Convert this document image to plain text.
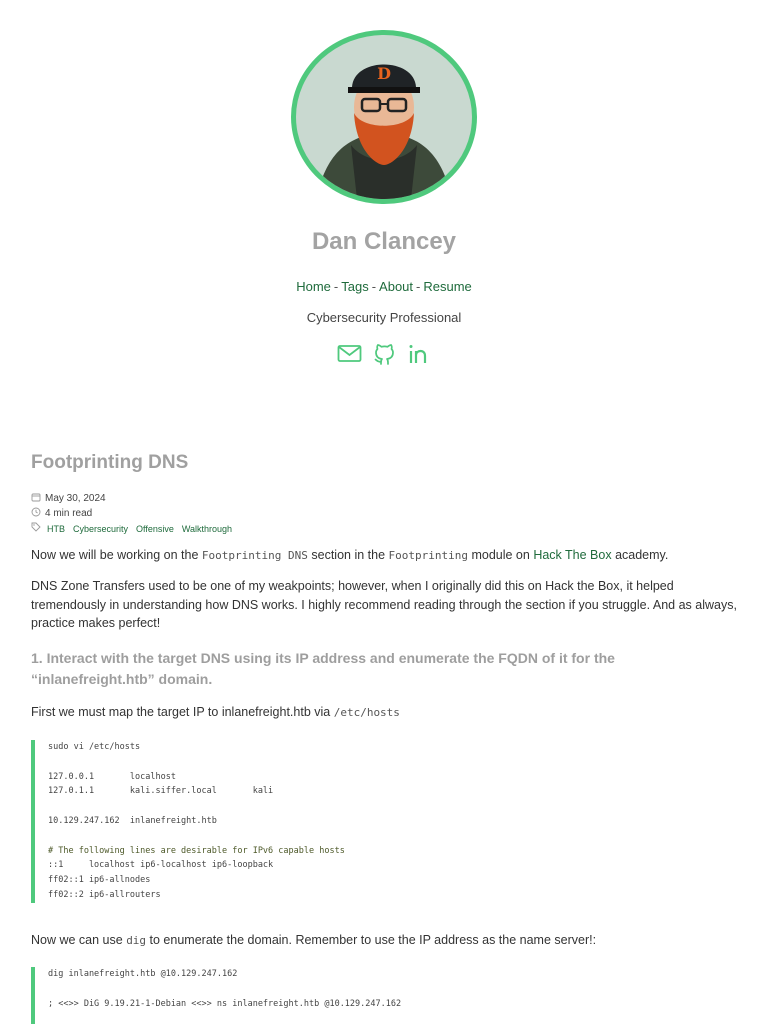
D
Dan Clancey
Home - Tags - About - Resume
Cybersecurity Professional
Footprinting DNS
May 30, 2024
4 min read
HTB Cybersecurity Offensive Walkthrough

Now we will be working on the Footprinting DNS section in the Footprinting module on Hack The Box academy.

DNS Zone Transfers used to be one of my weakpoints; however, when I originally did this on Hack the Box, it helped tremendously in understanding how DNS works. I highly recommend reading through the section if you struggle. And as always, practice makes perfect!

1. Interact with the target DNS using its IP address and enumerate the FQDN of it for the “inlanefreight.htb” domain.

First we must map the target IP to inlanefreight.htb via /etc/hosts

sudo vi /etc/hosts
127.0.0.1       localhost
127.0.1.1       kali.siffer.local       kali
10.129.247.162  inlanefreight.htb
# The following lines are desirable for IPv6 capable hosts
::1     localhost ip6-localhost ip6-loopback
ff02::1 ip6-allnodes
ff02::2 ip6-allrouters

Now we can use dig to enumerate the domain. Remember to use the IP address as the name server!:

dig inlanefreight.htb @10.129.247.162
; <<>> DiG 9.19.21-1-Debian <<>> ns inlanefreight.htb @10.129.247.162
